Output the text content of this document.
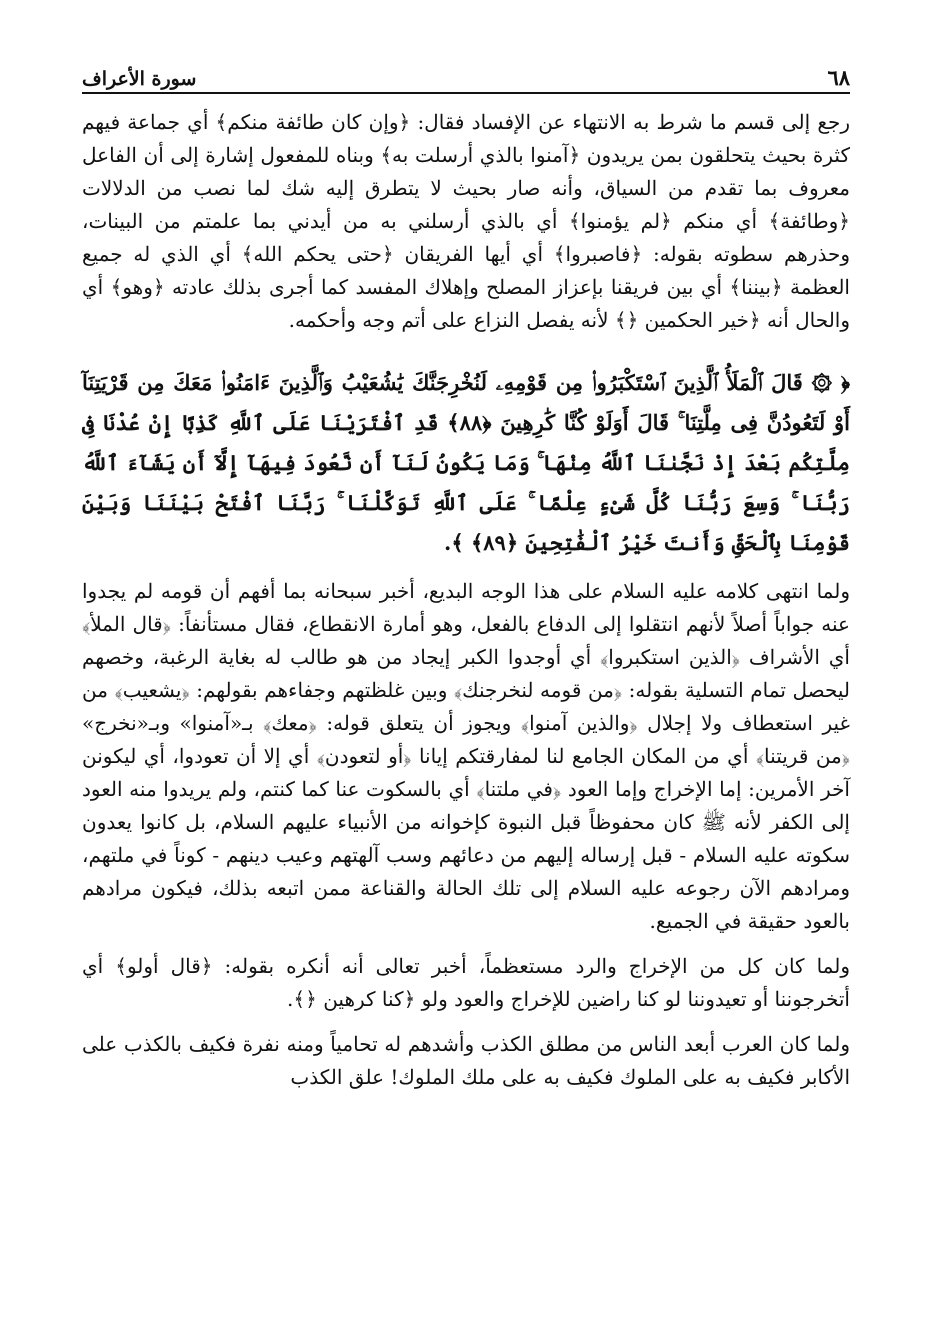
٦٨
سورة الأعراف

رجع إلى قسم ما شرط به الانتهاء عن الإفساد فقال: ﴿وإن كان طائفة منكم﴾ أي جماعة فيهم كثرة بحيث يتحلقون بمن يريدون ﴿آمنوا بالذي أرسلت به﴾ وبناه للمفعول إشارة إلى أن الفاعل معروف بما تقدم من السياق، وأنه صار بحيث لا يتطرق إليه شك لما نصب من الدلالات ﴿وطائفة﴾ أي منكم ﴿لم يؤمنوا﴾ أي بالذي أرسلني به من أيدني بما علمتم من البينات، وحذرهم سطوته بقوله: ﴿فاصبروا﴾ أي أيها الفريقان ﴿حتى يحكم الله﴾ أي الذي له جميع العظمة ﴿بيننا﴾ أي بين فريقنا بإعزاز المصلح وإهلاك المفسد كما أجرى بذلك عادته ﴿وهو﴾ أي والحال أنه ﴿خير الحكمين ﴿﴾ لأنه يفصل النزاع على أتم وجه وأحكمه.

﴿ ۞ قَالَ ٱلْمَلَأُ ٱلَّذِينَ ٱسْتَكْبَرُوا۟ مِن قَوْمِهِۦ لَنُخْرِجَنَّكَ يَٰشُعَيْبُ وَٱلَّذِينَ ءَامَنُوا۟ مَعَكَ مِن قَرْيَتِنَآ أَوْ لَتَعُودُنَّ فِى مِلَّتِنَا ۚ قَالَ أَوَلَوْ كُنَّا كَٰرِهِينَ ﴿٨٨﴾ قَدِ ٱفْتَرَيْنَا عَلَى ٱللَّهِ كَذِبًا إِنْ عُدْنَا فِى مِلَّتِكُم بَعْدَ إِذْ نَجَّىٰنَا ٱللَّهُ مِنْهَا ۚ وَمَا يَكُونُ لَنَآ أَن نَّعُودَ فِيهَآ إِلَّآ أَن يَشَآءَ ٱللَّهُ رَبُّنَا ۚ وَسِعَ رَبُّنَا كُلَّ شَىْءٍ عِلْمًا ۚ عَلَى ٱللَّهِ تَوَكَّلْنَا ۚ رَبَّنَا ٱفْتَحْ بَيْنَنَا وَبَيْنَ قَوْمِنَا بِٱلْحَقِّ وَأَنتَ خَيْرُ ٱلْفَٰتِحِينَ ﴿٨٩﴾ ﴾.

ولما انتهى كلامه عليه السلام على هذا الوجه البديع، أخبر سبحانه بما أفهم أن قومه لم يجدوا عنه جواباً أصلاً لأنهم انتقلوا إلى الدفاع بالفعل، وهو أمارة الانقطاع، فقال مستأنفاً: ﴿قال الملأ﴾ أي الأشراف ﴿الذين استكبروا﴾ أي أوجدوا الكبر إيجاد من هو طالب له بغاية الرغبة، وخصهم ليحصل تمام التسلية بقوله: ﴿من قومه لنخرجنك﴾ وبين غلظتهم وجفاءهم بقولهم: ﴿يشعيب﴾ من غير استعطاف ولا إجلال ﴿والذين آمنوا﴾ ويجوز أن يتعلق قوله: ﴿معك﴾ بـ«آمنوا» وبـ«نخرج» ﴿من قريتنا﴾ أي من المكان الجامع لنا لمفارقتكم إيانا ﴿أو لتعودن﴾ أي إلا أن تعودوا، أي ليكونن آخر الأمرين: إما الإخراج وإما العود ﴿في ملتنا﴾ أي بالسكوت عنا كما كنتم، ولم يريدوا منه العود إلى الكفر لأنه ﷺ كان محفوظاً قبل النبوة كإخوانه من الأنبياء عليهم السلام، بل كانوا يعدون سكوته عليه السلام - قبل إرساله إليهم من دعائهم وسب آلهتهم وعيب دينهم - كوناً في ملتهم، ومرادهم الآن رجوعه عليه السلام إلى تلك الحالة والقناعة ممن اتبعه بذلك، فيكون مرادهم بالعود حقيقة في الجميع.

ولما كان كل من الإخراج والرد مستعظماً، أخبر تعالى أنه أنكره بقوله: ﴿قال أولو﴾ أي أتخرجوننا أو تعيدوننا لو كنا راضين للإخراج والعود ولو ﴿كنا كرهين ﴿﴾.

ولما كان العرب أبعد الناس من مطلق الكذب وأشدهم له تحامياً ومنه نفرة فكيف بالكذب على الأكابر فكيف به على الملوك فكيف به على ملك الملوك! علق الكذب
